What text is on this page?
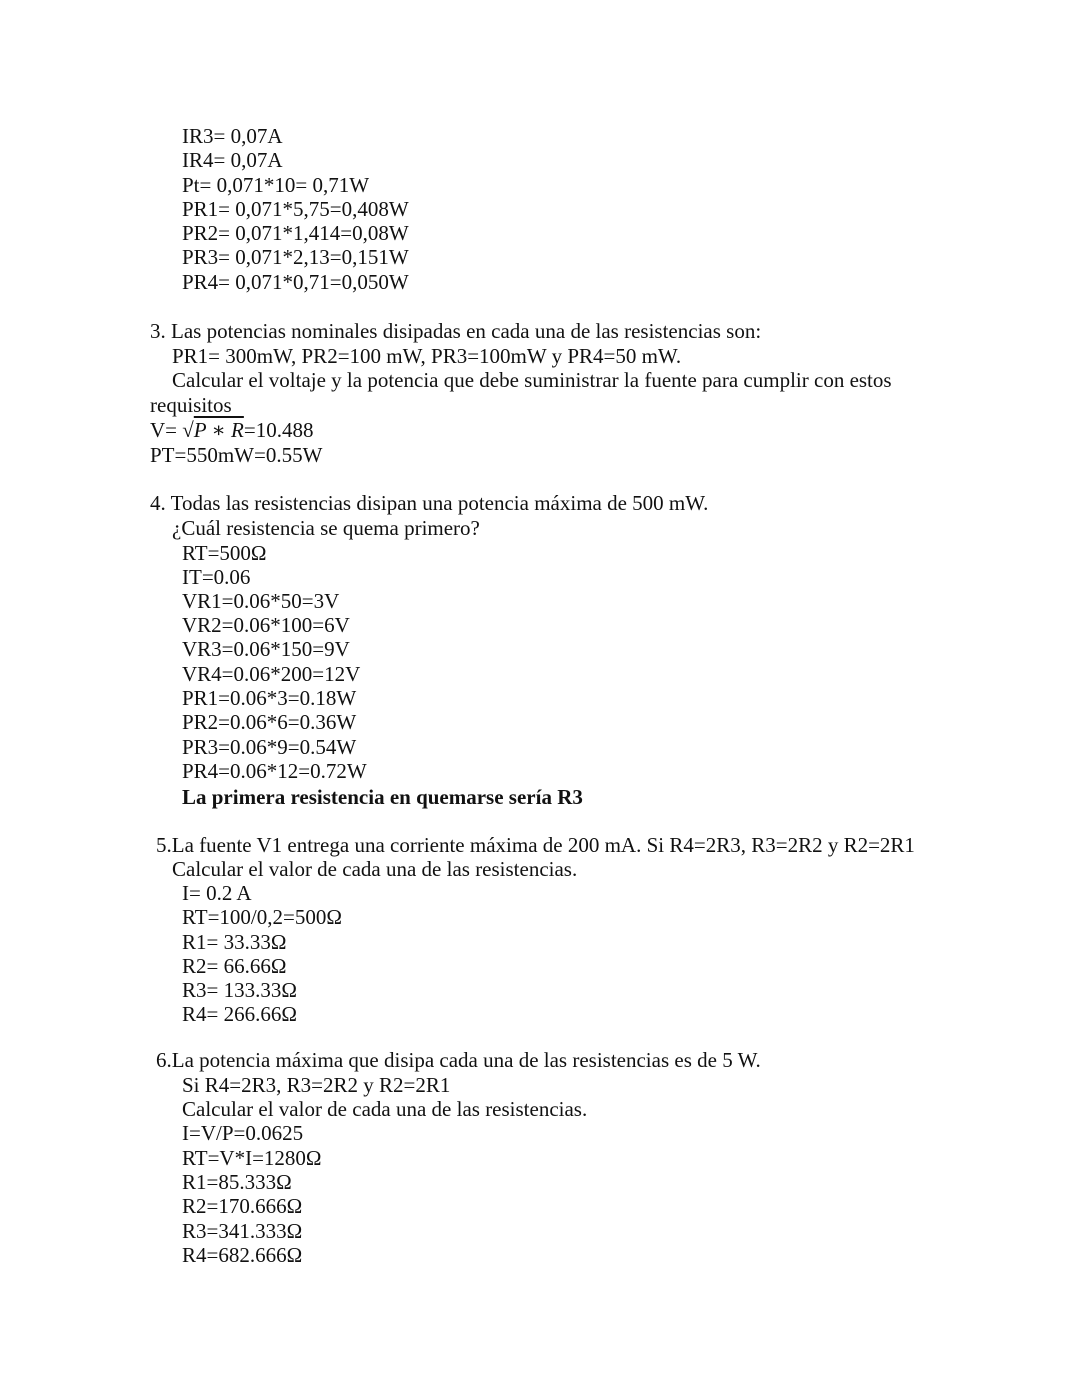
IR3= 0,07A
IR4= 0,07A
Pt= 0,071*10= 0,71W
PR1= 0,071*5,75=0,408W
PR2= 0,071*1,414=0,08W
PR3= 0,071*2,13=0,151W
PR4= 0,071*0,71=0,050W
3. Las potencias nominales disipadas en cada una de las resistencias son:
PR1= 300mW, PR2=100 mW, PR3=100mW y PR4=50 mW.
Calcular el voltaje y la potencia que debe suministrar la fuente para cumplir con estos
requisitos
V= √P ∗ R=10.488
PT=550mW=0.55W
4. Todas las resistencias disipan una potencia máxima de 500 mW.
¿Cuál resistencia se quema primero?
RT=500Ω
IT=0.06
VR1=0.06*50=3V
VR2=0.06*100=6V
VR3=0.06*150=9V
VR4=0.06*200=12V
PR1=0.06*3=0.18W
PR2=0.06*6=0.36W
PR3=0.06*9=0.54W
PR4=0.06*12=0.72W
La primera resistencia en quemarse sería R3
5.La fuente V1 entrega una corriente máxima de 200 mA. Si R4=2R3, R3=2R2 y R2=2R1
Calcular el valor de cada una de las resistencias.
I= 0.2 A
RT=100/0,2=500Ω
R1= 33.33Ω
R2= 66.66Ω
R3= 133.33Ω
R4= 266.66Ω
6.La potencia máxima que disipa cada una de las resistencias es de 5 W.
Si R4=2R3, R3=2R2 y R2=2R1
Calcular el valor de cada una de las resistencias.
I=V/P=0.0625
RT=V*I=1280Ω
R1=85.333Ω
R2=170.666Ω
R3=341.333Ω
R4=682.666Ω
